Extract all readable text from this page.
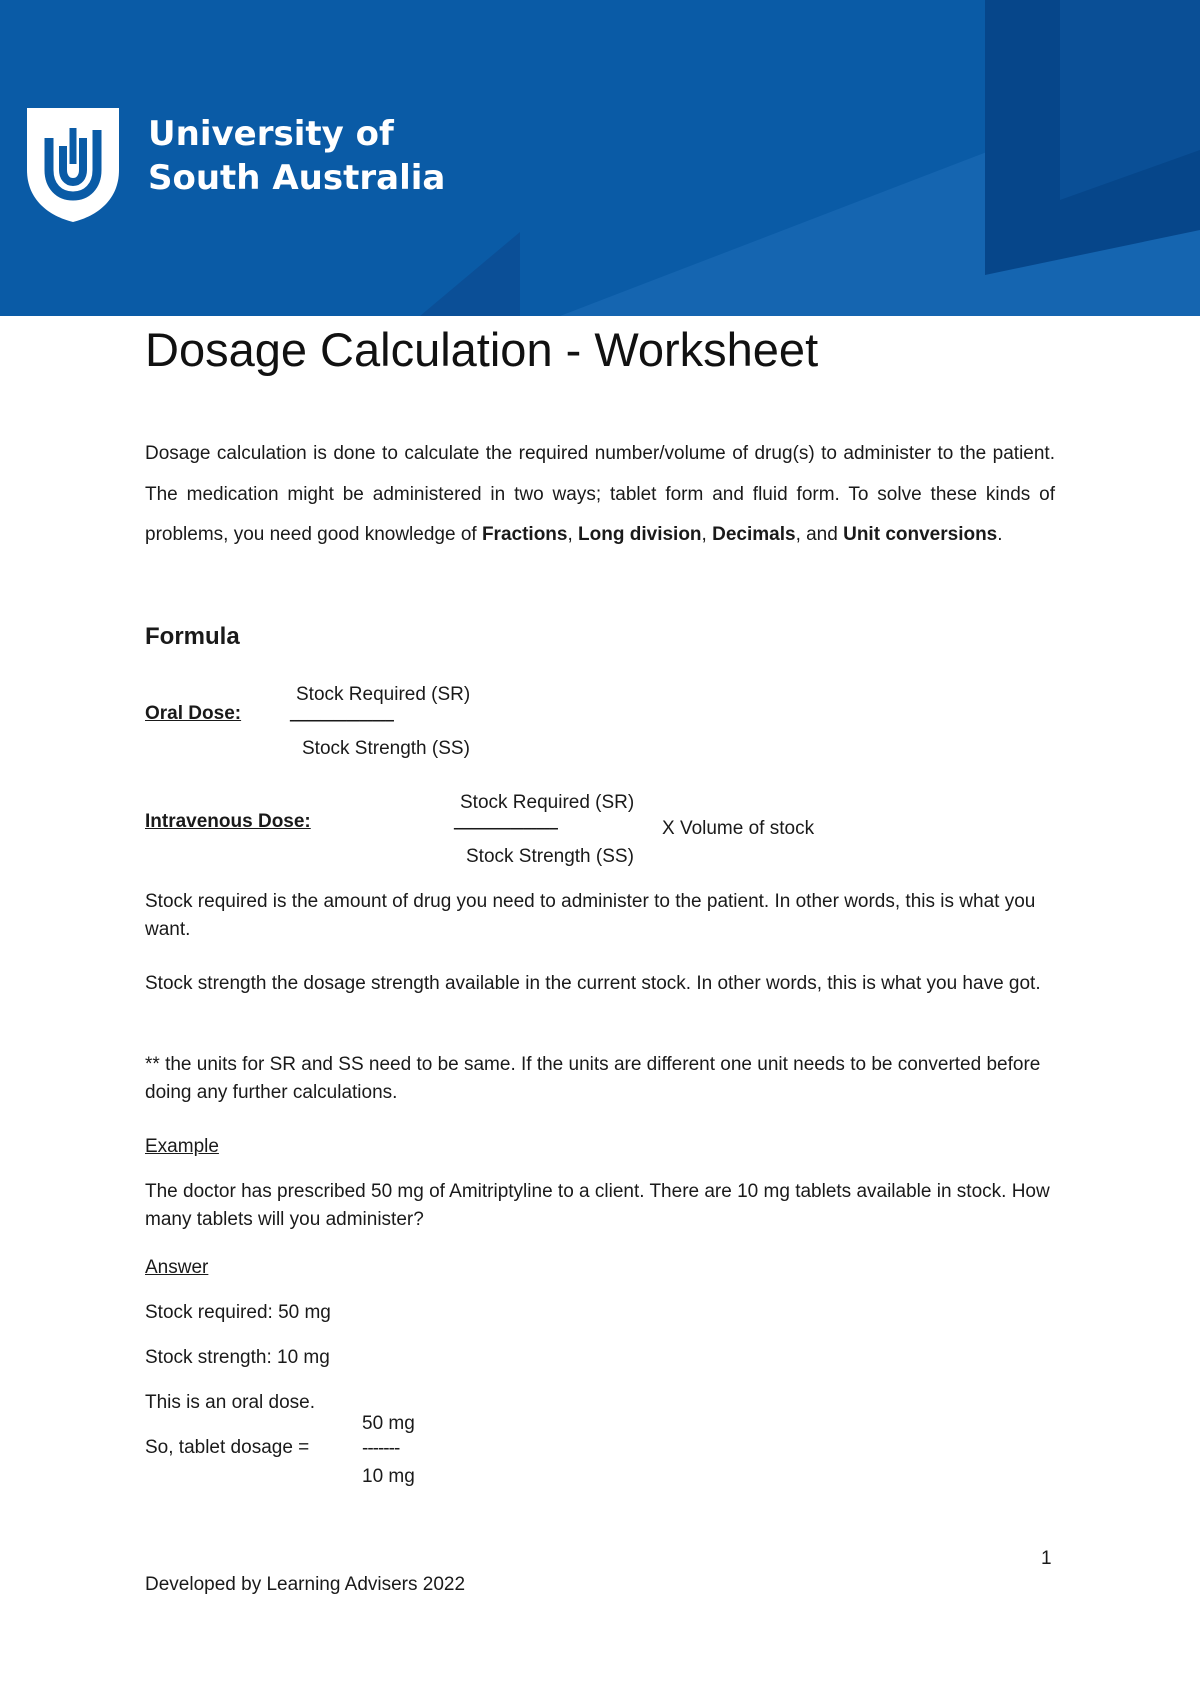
University of
South Australia
Dosage Calculation - Worksheet
Dosage calculation is done to calculate the required number/volume of drug(s) to administer to the patient. The medication might be administered in two ways; tablet form and fluid form. To solve these kinds of problems, you need good knowledge of Fractions, Long division, Decimals, and Unit conversions.
Formula
Oral Dose:
Stock Required (SR)
------------------------
Stock Strength (SS)
Intravenous Dose:
Stock Required (SR)
------------------------	X Volume of stock
Stock Strength (SS)
Stock required is the amount of drug you need to administer to the patient. In other words, this is what you want.
Stock strength the dosage strength available in the current stock. In other words, this is what you have got.
** the units for SR and SS need to be same. If the units are different one unit needs to be converted before doing any further calculations.
Example
The doctor has prescribed 50 mg of Amitriptyline to a client. There are 10 mg tablets available in stock. How many tablets will you administer?
Answer
Stock required: 50 mg
Stock strength: 10 mg
This is an oral dose.
So, tablet dosage =
50 mg
-------
10 mg
1
Developed by Learning Advisers 2022
